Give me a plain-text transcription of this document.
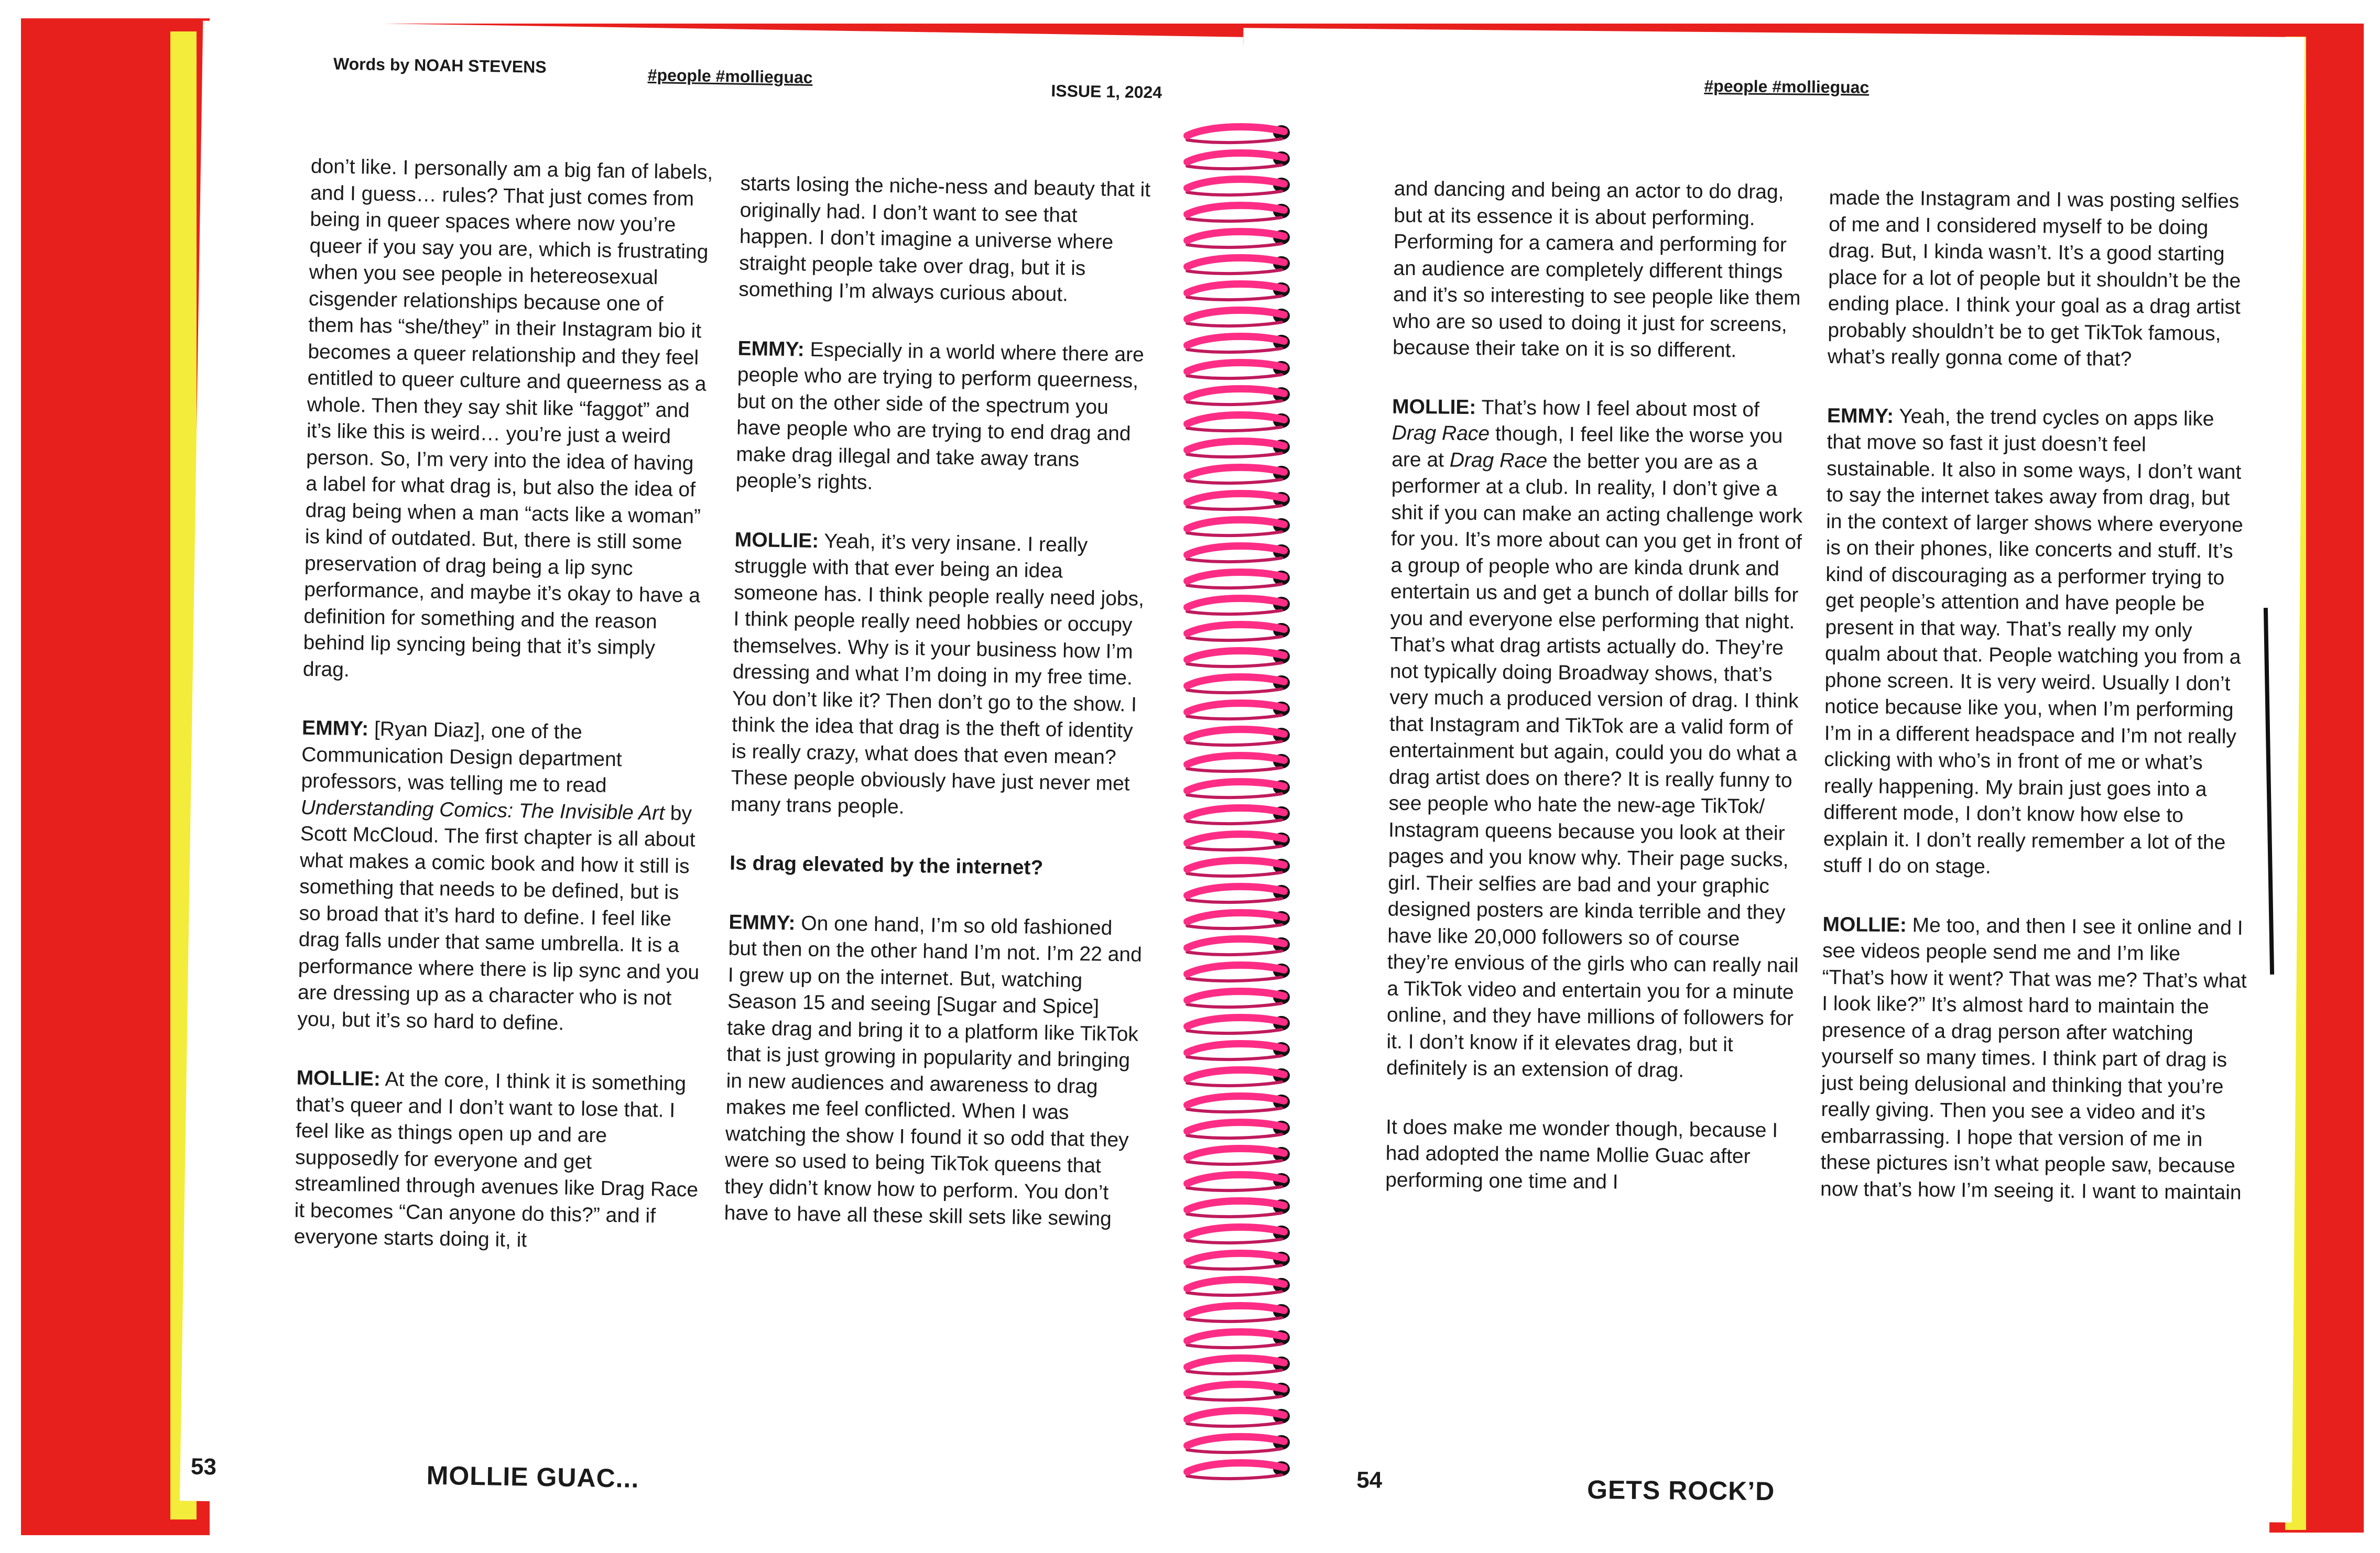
Words by NOAH STEVENS	#people #mollieguac
ISSUE 1, 2024

don’t like. I personally am a big fan of labels, and I guess… rules? That just comes from being in queer spaces where now you’re queer if you say you are, which is frustrating when you see people in hetereosexual cisgender relationships because one of them has “she/they” in their Instagram bio it becomes a queer relationship and they feel entitled to queer culture and queerness as a whole. Then they say shit like “faggot” and it’s like this is weird… you’re just a weird person. So, I’m very into the idea of having a label for what drag is, but also the idea of drag being when a man “acts like a woman” is kind of outdated. But, there is still some preservation of drag being a lip sync performance, and maybe it’s okay to have a definition for something and the reason behind lip syncing being that it’s simply drag.

EMMY: [Ryan Diaz], one of the Communication Design department professors, was telling me to read Understanding Comics: The Invisible Art by Scott McCloud. The first chapter is all about what makes a comic book and how it still is something that needs to be defined, but is so broad that it’s hard to define. I feel like drag falls under that same umbrella. It is a performance where there is lip sync and you are dressing up as a character who is not you, but it’s so hard to define.

MOLLIE: At the core, I think it is something that’s queer and I don’t want to lose that. I feel like as things open up and are supposedly for everyone and get streamlined through avenues like Drag Race it becomes “Can anyone do this?” and if everyone starts doing it, it

starts losing the niche-ness and beauty that it originally had. I don’t want to see that happen. I don’t imagine a universe where straight people take over drag, but it is something I’m always curious about.

EMMY: Especially in a world where there are people who are trying to perform queerness, but on the other side of the spectrum you have people who are trying to end drag and make drag illegal and take away trans people’s rights.

MOLLIE: Yeah, it’s very insane. I really struggle with that ever being an idea someone has. I think people really need jobs, I think people really need hobbies or occupy themselves. Why is it your business how I’m dressing and what I’m doing in my free time. You don’t like it? Then don’t go to the show. I think the idea that drag is the theft of identity is really crazy, what does that even mean? These people obviously have just never met many trans people.

Is drag elevated by the internet?

EMMY: On one hand, I’m so old fashioned but then on the other hand I’m not. I’m 22 and I grew up on the internet. But, watching Season 15 and seeing [Sugar and Spice] take drag and bring it to a platform like TikTok that is just growing in popularity and bringing in new audiences and awareness to drag makes me feel conflicted. When I was watching the show I found it so odd that they were so used to being TikTok queens that they didn’t know how to perform. You don’t have to have all these skill sets like sewing

53	MOLLIE GUAC...
#people #mollieguac

and dancing and being an actor to do drag, but at its essence it is about performing. Performing for a camera and performing for an audience are completely different things and it’s so interesting to see people like them who are so used to doing it just for screens, because their take on it is so different.

MOLLIE: That’s how I feel about most of Drag Race though, I feel like the worse you are at Drag Race the better you are as a performer at a club. In reality, I don’t give a shit if you can make an acting challenge work for you. It’s more about can you get in front of a group of people who are kinda drunk and entertain us and get a bunch of dollar bills for you and everyone else performing that night. That’s what drag artists actually do. They’re not typically doing Broadway shows, that’s very much a produced version of drag. I think that Instagram and TikTok are a valid form of entertainment but again, could you do what a drag artist does on there? It is really funny to see people who hate the new-age TikTok/ Instagram queens because you look at their pages and you know why. Their page sucks, girl. Their selfies are bad and your graphic designed posters are kinda terrible and they have like 20,000 followers so of course they’re envious of the girls who can really nail a TikTok video and entertain you for a minute online, and they have millions of followers for it. I don’t know if it elevates drag, but it definitely is an extension of drag.

It does make me wonder though, because I had adopted the name Mollie Guac after performing one time and I

made the Instagram and I was posting selfies of me and I considered myself to be doing drag. But, I kinda wasn’t. It’s a good starting place for a lot of people but it shouldn’t be the ending place. I think your goal as a drag artist probably shouldn’t be to get TikTok famous, what’s really gonna come of that?

EMMY: Yeah, the trend cycles on apps like that move so fast it just doesn’t feel sustainable. It also in some ways, I don’t want to say the internet takes away from drag, but in the context of larger shows where everyone is on their phones, like concerts and stuff. It’s kind of discouraging as a performer trying to get people’s attention and have people be present in that way. That’s really my only qualm about that. People watching you from a phone screen. It is very weird. Usually I don’t notice because like you, when I’m performing I’m in a different headspace and I’m not really clicking with who’s in front of me or what’s really happening. My brain just goes into a different mode, I don’t know how else to explain it. I don’t really remember a lot of the stuff I do on stage.

MOLLIE: Me too, and then I see it online and I see videos people send me and I’m like “That’s how it went? That was me? That’s what I look like?” It’s almost hard to maintain the presence of a drag person after watching yourself so many times. I think part of drag is just being delusional and thinking that you’re really giving. Then you see a video and it’s embarrassing. I hope that version of me in these pictures isn’t what people saw, because now that’s how I’m seeing it. I want to maintain

54	GETS ROCK’D
